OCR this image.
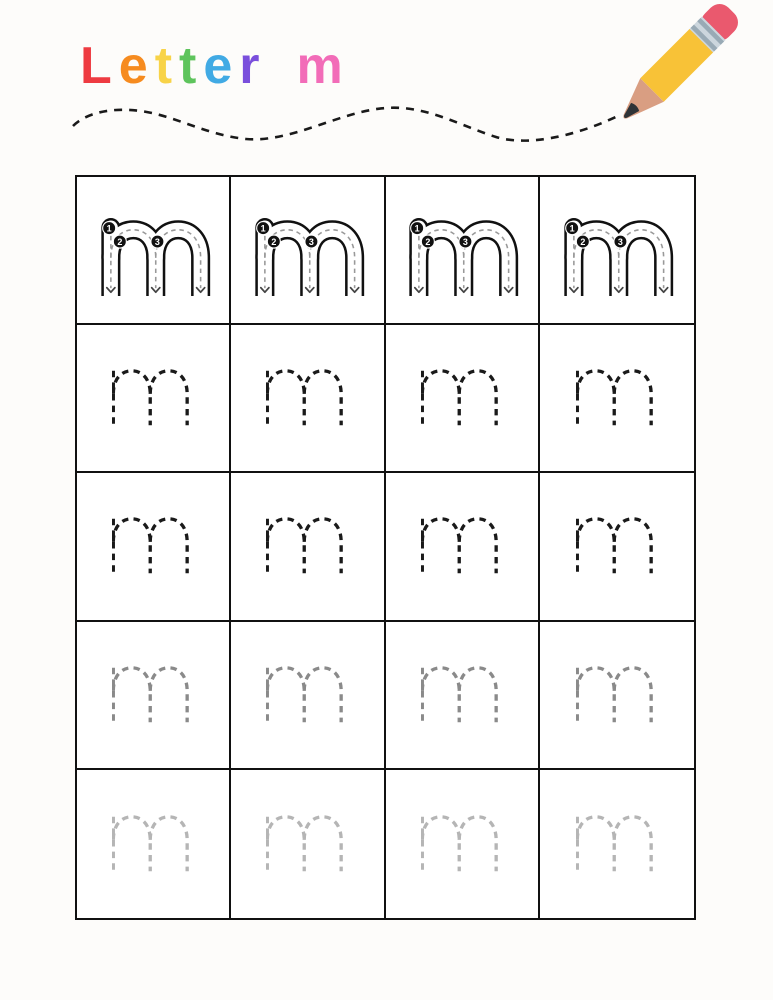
Letter m
